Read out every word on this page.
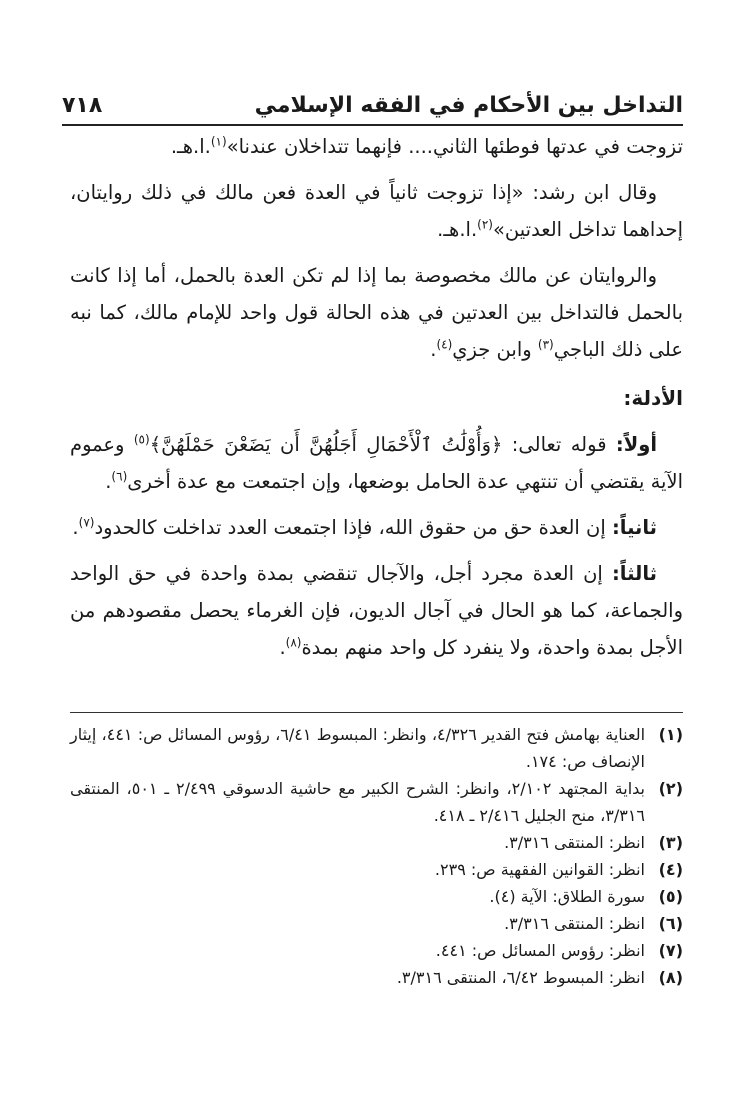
التداخل بين الأحكام في الفقه الإسلامي
٧١٨

تزوجت في عدتها فوطئها الثاني.... فإنهما تتداخلان عندنا»$^{(١)}$.ا.هـ.

وقال ابن رشد: «إذا تزوجت ثانياً في العدة فعن مالك في ذلك روايتان، إحداهما تداخل العدتين»$^{(٢)}$.ا.هـ.

والروايتان عن مالك مخصوصة بما إذا لم تكن العدة بالحمل، أما إذا كانت بالحمل فالتداخل بين العدتين في هذه الحالة قول واحد للإمام مالك، كما نبه على ذلك الباجي$^{(٣)}$ وابن جزي$^{(٤)}$.

الأدلة:

أولاً: قوله تعالى: ﴿وَأُوْلَٰتُ ٱلْأَحْمَالِ أَجَلُهُنَّ أَن يَضَعْنَ حَمْلَهُنَّ﴾$^{(٥)}$ وعموم الآية يقتضي أن تنتهي عدة الحامل بوضعها، وإن اجتمعت مع عدة أخرى$^{(٦)}$.

ثانياً: إن العدة حق من حقوق الله، فإذا اجتمعت العدد تداخلت كالحدود$^{(٧)}$.

ثالثاً: إن العدة مجرد أجل، والآجال تنقضي بمدة واحدة في حق الواحد والجماعة، كما هو الحال في آجال الديون، فإن الغرماء يحصل مقصودهم من الأجل بمدة واحدة، ولا ينفرد كل واحد منهم بمدة$^{(٨)}$.

(١)
العناية بهامش فتح القدير ٤/٣٢٦، وانظر: المبسوط ٦/٤١، رؤوس المسائل ص: ٤٤١، إيثار الإنصاف ص: ١٧٤.
(٢)
بداية المجتهد ٢/١٠٢، وانظر: الشرح الكبير مع حاشية الدسوقي ٢/٤٩٩ ـ ٥٠١، المنتقى ٣/٣١٦، منح الجليل ٢/٤١٦ ـ ٤١٨.
(٣)
انظر: المنتقى ٣/٣١٦.
(٤)
انظر: القوانين الفقهية ص: ٢٣٩.
(٥)
سورة الطلاق: الآية (٤).
(٦)
انظر: المنتقى ٣/٣١٦.
(٧)
انظر: رؤوس المسائل ص: ٤٤١.
(٨)
انظر: المبسوط ٦/٤٢، المنتقى ٣/٣١٦.
